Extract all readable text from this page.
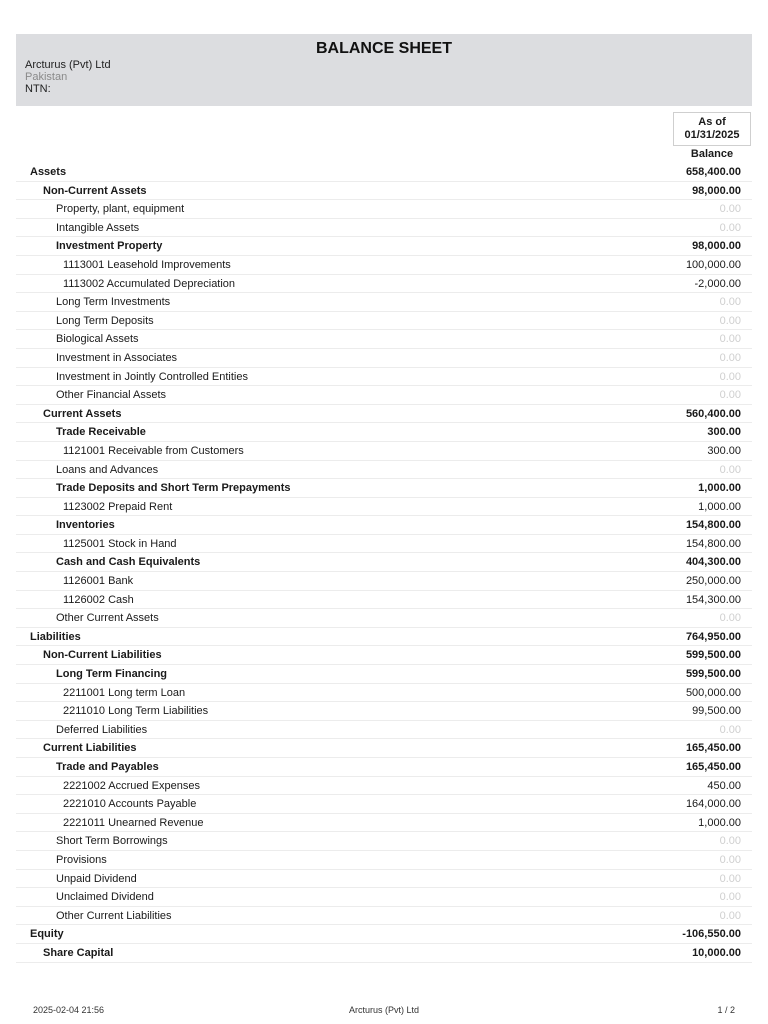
BALANCE SHEET
Arcturus (Pvt) Ltd
Pakistan
NTN:
As of
01/31/2025
Balance
Assets	658,400.00
Non-Current Assets	98,000.00
Property, plant, equipment	0.00
Intangible Assets	0.00
Investment Property	98,000.00
1113001 Leasehold Improvements	100,000.00
1113002 Accumulated Depreciation	-2,000.00
Long Term Investments	0.00
Long Term Deposits	0.00
Biological Assets	0.00
Investment in Associates	0.00
Investment in Jointly Controlled Entities	0.00
Other Financial Assets	0.00
Current Assets	560,400.00
Trade Receivable	300.00
1121001 Receivable from Customers	300.00
Loans and Advances	0.00
Trade Deposits and Short Term Prepayments	1,000.00
1123002 Prepaid Rent	1,000.00
Inventories	154,800.00
1125001 Stock in Hand	154,800.00
Cash and Cash Equivalents	404,300.00
1126001 Bank	250,000.00
1126002 Cash	154,300.00
Other Current Assets	0.00
Liabilities	764,950.00
Non-Current Liabilities	599,500.00
Long Term Financing	599,500.00
2211001 Long term Loan	500,000.00
2211010 Long Term Liabilities	99,500.00
Deferred Liabilities	0.00
Current Liabilities	165,450.00
Trade and Payables	165,450.00
2221002 Accrued Expenses	450.00
2221010 Accounts Payable	164,000.00
2221011 Unearned Revenue	1,000.00
Short Term Borrowings	0.00
Provisions	0.00
Unpaid Dividend	0.00
Unclaimed Dividend	0.00
Other Current Liabilities	0.00
Equity	-106,550.00
Share Capital	10,000.00
2025-02-04 21:56	Arcturus (Pvt) Ltd	1 / 2
